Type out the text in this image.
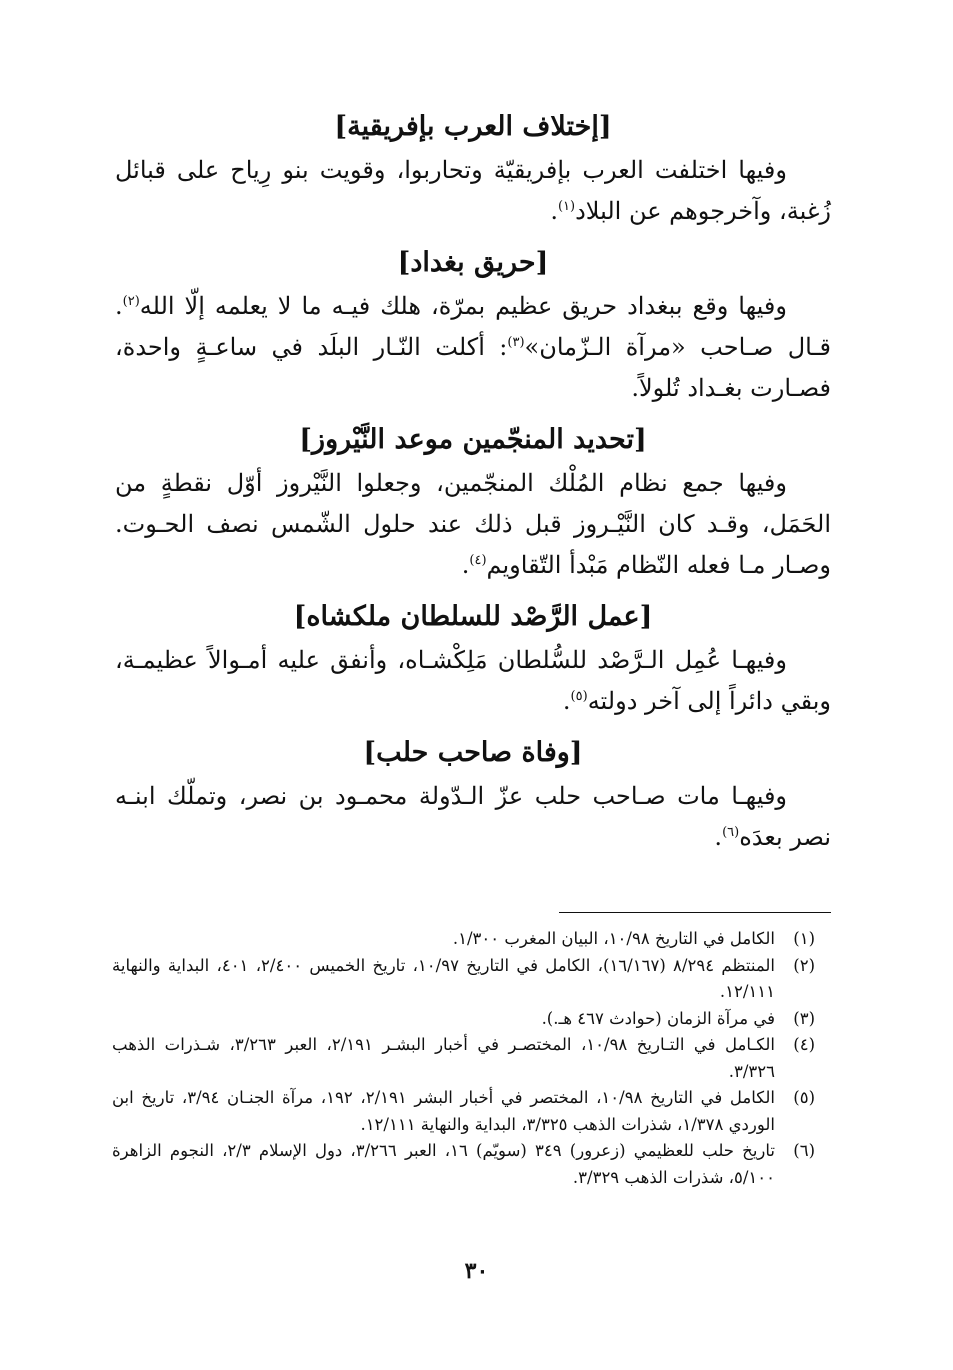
[إختلاف العرب بإفريقية]

وفيها اختلفت العرب بإفريقيّة وتحاربوا، وقويت بنو رِياح على قبائل زُغبة، وآخرجوهم عن البلاد$^{(١)}$.

[حريق بغداد]

وفيها وقع ببغداد حريق عظيم بمرّة، هلك فيـه ما لا يعلمه إلّا الله$^{(٢)}$. قـال صـاحب «مرآة الـزّمان»$^{(٣)}$: أكلت النّـار البلَد في ساعـةٍ واحدة، فصـارت بغـداد تُلولاً.

[تحديد المنجّمين موعد النَّيْروز]

وفيها جمع نظام المُلْك المنجّمين، وجعلوا النَّيْروز أوّل نقطةٍ من الحَمَل، وقـد كان النَّيْـروز قبل ذلك عند حلول الشّمس نصف الحـوت. وصـار مـا فعله النّظام مَبْدأ التّقاويم$^{(٤)}$.

[عمل الرَّصْد للسلطان ملكشاه]

وفيهـا عُمِل الـرَّصْد للسُّلطان مَلِكْشـاه، وأنفق عليه أمـوالاً عظيمـة، وبقي دائراً إلى آخر دولته$^{(٥)}$.

[وفاة صاحب حلب]

وفيهـا مات صـاحب حلب عزّ الـدّولة محمـود بن نصر، وتملّك ابنـه نصر بعدَه$^{(٦)}$.

(١)
الكامل في التاريخ ١٠/٩٨، البيان المغرب ١/٣٠٠.
(٢)
المنتظم ٨/٢٩٤ (١٦/١٦٧)، الكامل في التاريخ ١٠/٩٧، تاريخ الخميس ٢/٤٠٠، ٤٠١، البداية والنهاية ١٢/١١١.
(٣)
في مرآة الزمان (حوادث ٤٦٧ هـ.).
(٤)
الكـامل في التـاريخ ١٠/٩٨، المختصـر في أخبار البشـر ٢/١٩١، العبر ٣/٢٦٣، شـذرات الذهب ٣/٣٢٦.
(٥)
الكامل في التاريخ ١٠/٩٨، المختصر في أخبار البشر ٢/١٩١، ١٩٢، مرآة الجنـان ٣/٩٤، تاريخ ابن الوردي ١/٣٧٨، شذرات الذهب ٣/٣٢٥، البداية والنهاية ١٢/١١١.
(٦)
تاريخ حلب للعظيمي (زعرور) ٣٤٩ (سويّم) ١٦، العبر ٣/٢٦٦، دول الإسلام ٢/٣، النجوم الزاهرة ٥/١٠٠، شذرات الذهب ٣/٣٢٩.
٣٠
